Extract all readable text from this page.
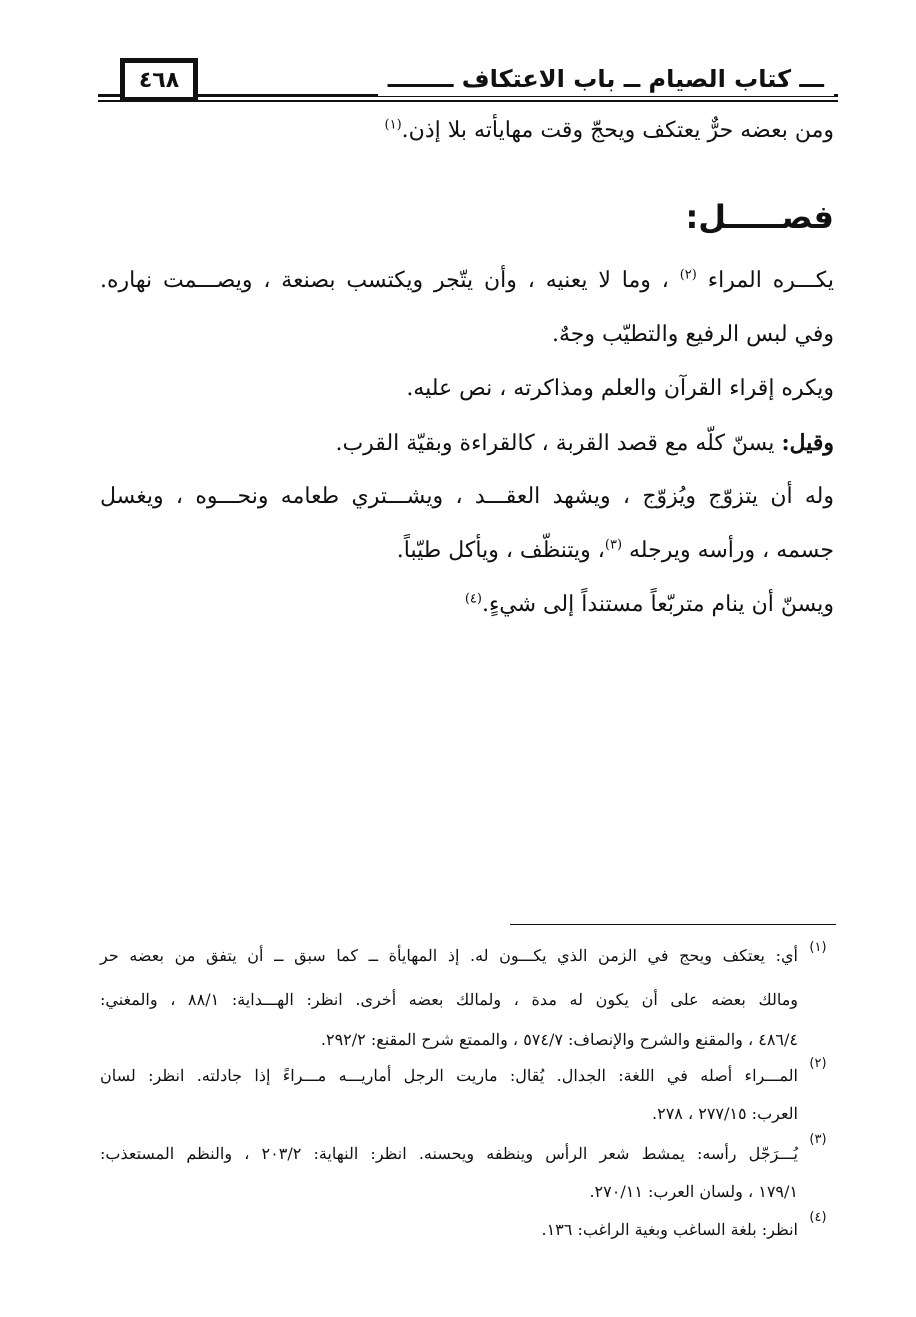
٤٦٨	ـــ كتاب الصيام ــ باب الاعتكاف ــــــــ
ومن بعضه حرٌّ يعتكف ويحجّ وقت مهايأته بلا إذن.$^{(١)}$
فصـــــل:
يكـــره المراء $^{(٢)}$ ، وما لا يعنيه ، وأن يتّجر ويكتسب بصنعة ، ويصـــمت نهاره.
وفي لبس الرفيع والتطيّب وجهٌ.
ويكره إقراء القرآن والعلم ومذاكرته ، نص عليه.
وقيل: يسنّ كلّه مع قصد القربة ، كالقراءة وبقيّة القرب.
وله أن يتزوّج ويُزوّج ، ويشهد العقـــد ، ويشـــتري طعامه ونحـــوه ، ويغسل
جسمه ، ورأسه ويرجله $^{(٣)}$، ويتنظّف ، ويأكل طيّباً.
ويسنّ أن ينام متربّعاً مستنداً إلى شيءٍ.$^{(٤)}$
(١)
أي: يعتكف ويحج في الزمن الذي يكـــون له. إذ المهايأة ــ كما سبق ــ أن يتفق من بعضه حر
ومالك بعضه على أن يكون له مدة ، ولمالك بعضه أخرى. انظر: الهـــداية: ٨٨/١ ، والمغني:
٤٨٦/٤ ، والمقنع والشرح والإنصاف: ٥٧٤/٧ ، والممتع شرح المقنع: ٢٩٢/٢.
(٢)
المـــراء أصله في اللغة: الجدال. يُقال: ماريت الرجل أماريـــه مـــراءً إذا جادلته. انظر: لسان
العرب: ٢٧٧/١٥ ، ٢٧٨.
(٣)
يُـــرَجّل رأسه: يمشط شعر الرأس وينظفه ويحسنه. انظر: النهاية: ٢٠٣/٢ ، والنظم المستعذب:
١٧٩/١ ، ولسان العرب: ٢٧٠/١١.
(٤)
انظر: بلغة الساغب وبغية الراغب: ١٣٦.
